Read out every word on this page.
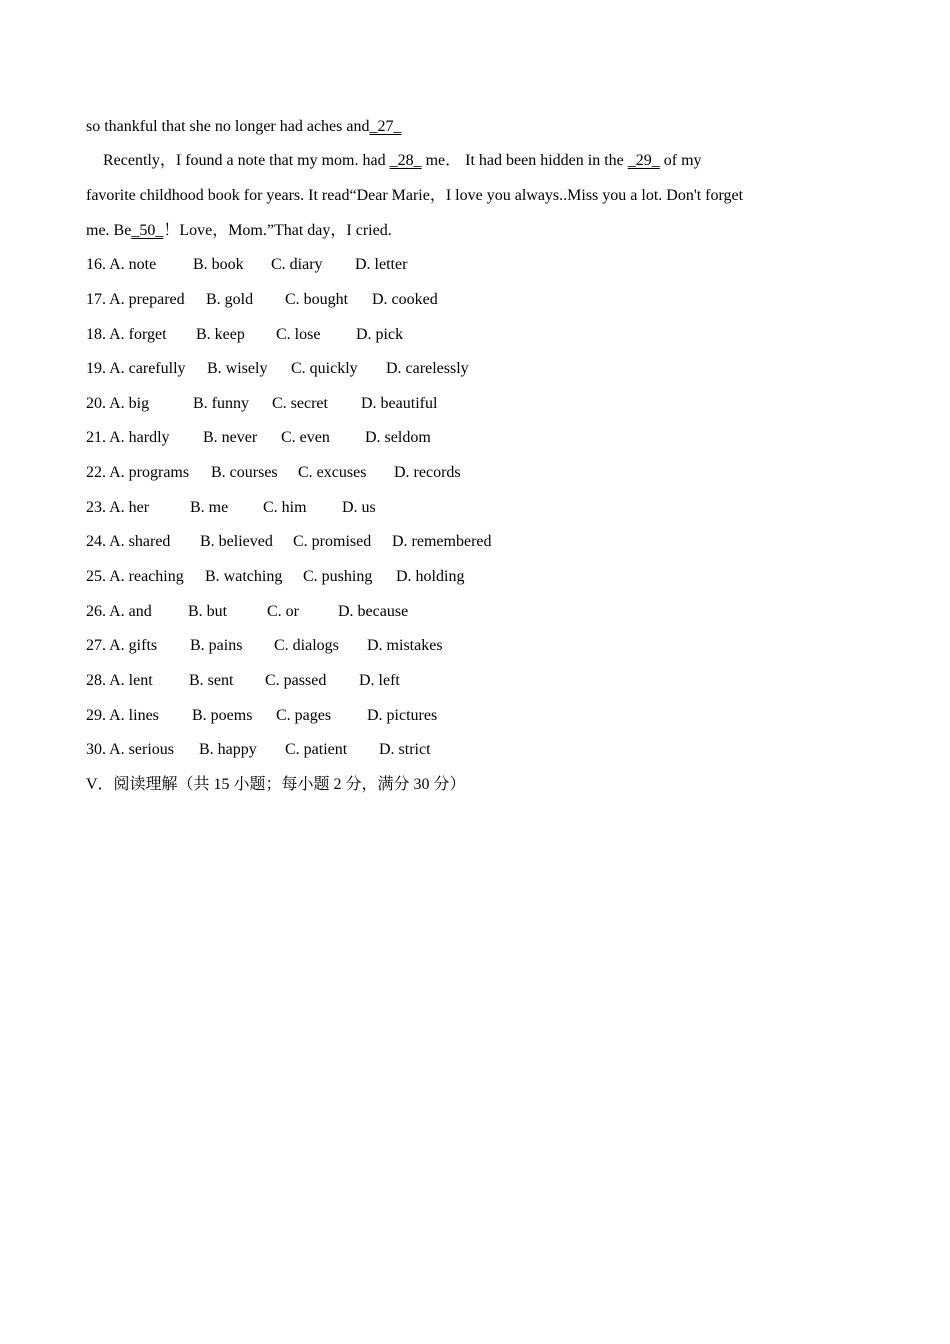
so thankful that she no longer had aches and_27_
Recently，I found a note that my mom. had _28_ me． It had been hidden in the _29_ of my
favorite childhood book for years. It read“Dear Marie，I love you always..Miss you a lot. Don't forget
me. Be_50_！Love，Mom.”That day，I cried.
16. A. note B. book C. diary D. letter
17. A. prepared B. gold C. bought D. cooked
18. A. forget B. keep C. lose D. pick
19. A. carefully B. wisely C. quickly D. carelessly
20. A. big	B. funny C. secret D. beautiful
21. A. hardly B. never C. even D. seldom
22. A. programs B. courses C. excuses D. records
23. A. her	B. me C. him D. us
24. A. shared B. believed C. promised D. remembered
25. A. reaching B. watching C. pushing D. holding
26. A. and B. but C. or D. because
27. A. gifts B. pains C. dialogs D. mistakes
28. A. lent B. sent C. passed D. left
29. A. lines B. poems C. pages D. pictures
30. A. serious B. happy C. patient D. strict
V．阅读理解（共 15 小题；每小题 2 分，满分 30 分）
